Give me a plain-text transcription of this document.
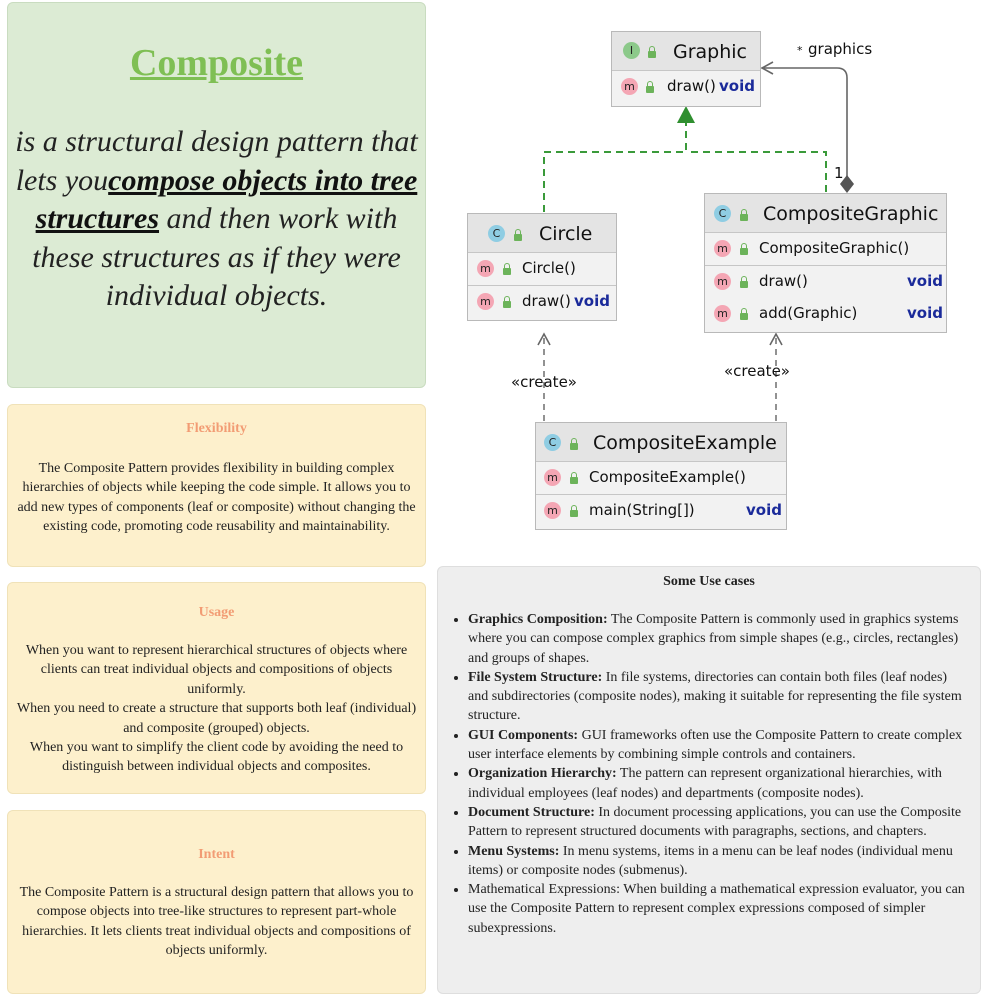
Composite
is a structural design pattern that lets youcompose objects into tree structures and then work with these structures as if they were individual objects.
Flexibility
The Composite Pattern provides flexibility in building complex hierarchies of objects while keeping the code simple. It allows you to add new types of components (leaf or composite) without changing the existing code, promoting code reusability and maintainability.
Usage
When you want to represent hierarchical structures of objects where clients can treat individual objects and compositions of objects uniformly.
When you need to create a structure that supports both leaf (individual) and composite (grouped) objects.
When you want to simplify the client code by avoiding the need to distinguish between individual objects and composites.
Intent
The Composite Pattern is a structural design pattern that allows you to compose objects into tree-like structures to represent part-whole hierarchies. It lets clients treat individual objects and compositions of objects uniformly.
Some Use cases
• Graphics Composition: The Composite Pattern is commonly used in graphics systems where you can compose complex graphics from simple shapes (e.g., circles, rectangles) and groups of shapes.
• File System Structure: In file systems, directories can contain both files (leaf nodes) and subdirectories (composite nodes), making it suitable for representing the file system structure.
• GUI Components: GUI frameworks often use the Composite Pattern to create complex user interface elements by combining simple controls and containers.
• Organization Hierarchy: The pattern can represent organizational hierarchies, with individual employees (leaf nodes) and departments (composite nodes).
• Document Structure: In document processing applications, you can use the Composite Pattern to represent structured documents with paragraphs, sections, and chapters.
• Menu Systems: In menu systems, items in a menu can be leaf nodes (individual menu items) or composite nodes (submenus).
• Mathematical Expressions: When building a mathematical expression evaluator, you can use the Composite Pattern to represent complex expressions composed of simpler subexpressions.
* graphics
1
«create»
«create»
I	Graphic
m draw() void
C Circle
m Circle()
m draw() void
C CompositeGraphic
m CompositeGraphic()
m draw()	void
m add(Graphic)	void
C CompositeExample
m CompositeExample()
m main(String[])	void
